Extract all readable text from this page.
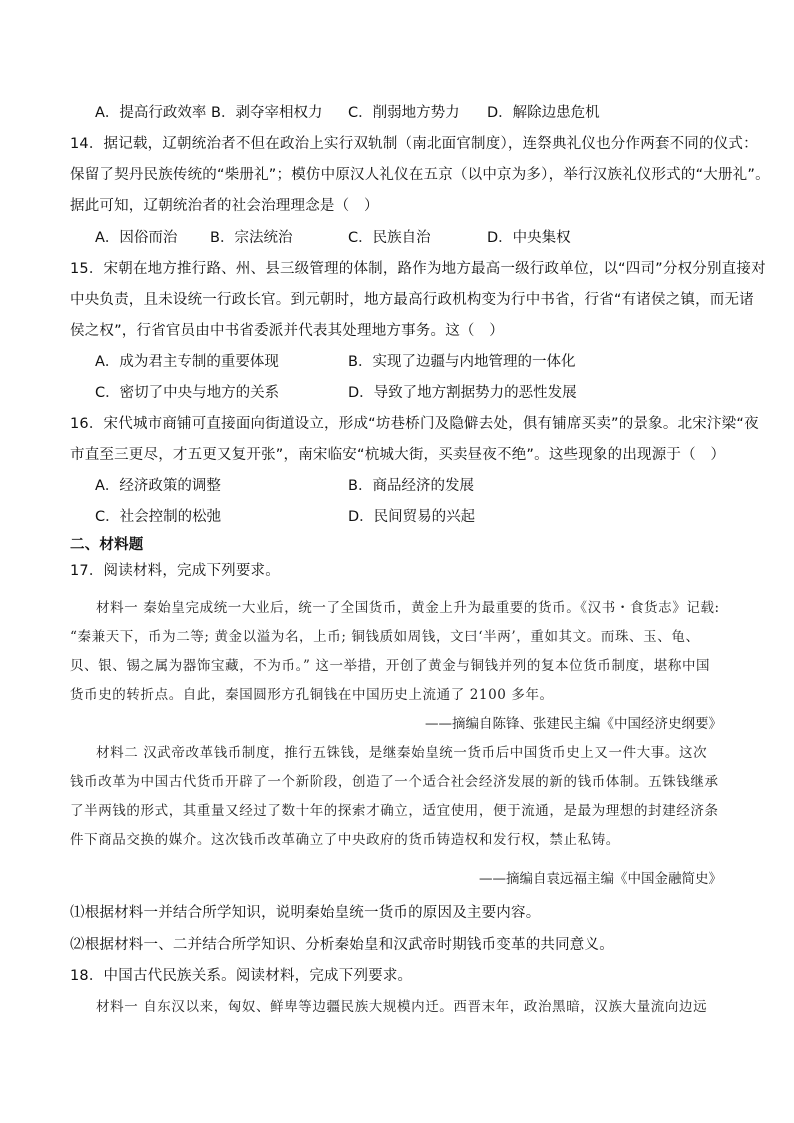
A．提高行政效率 B．剥夺宰相权力 C．削弱地方势力 D．解除边患危机
14．据记载，辽朝统治者不但在政治上实行双轨制（南北面官制度），连祭典礼仪也分作两套不同的仪式：
保留了契丹民族传统的“柴册礼”；模仿中原汉人礼仪在五京（以中京为多），举行汉族礼仪形式的“大册礼”。
据此可知，辽朝统治者的社会治理理念是（　）
A．因俗而治 B．宗法统治	C．民族自治	D．中央集权
15．宋朝在地方推行路、州、县三级管理的体制，路作为地方最高一级行政单位，以“四司”分权分别直接对
中央负责，且未设统一行政长官。到元朝时，地方最高行政机构变为行中书省，行省“有诸侯之镇，而无诸
侯之权”，行省官员由中书省委派并代表其处理地方事务。这（　）
A．成为君主专制的重要体现	B．实现了边疆与内地管理的一体化
C．密切了中央与地方的关系	D．导致了地方割据势力的恶性发展
16．宋代城市商铺可直接面向街道设立，形成“坊巷桥门及隐僻去处，俱有铺席买卖”的景象。北宋汴梁“夜
市直至三更尽，才五更又复开张”，南宋临安“杭城大街，买卖昼夜不绝”。这些现象的出现源于（　）
A．经济政策的调整	B．商品经济的发展
C．社会控制的松弛	D．民间贸易的兴起
二、材料题
17．阅读材料，完成下列要求。
材料一 秦始皇完成统一大业后，统一了全国货币，黄金上升为最重要的货币。《汉书・食货志》记载:
“秦兼天下，币为二等; 黄金以溢为名，上币; 铜钱质如周钱，文曰‘半两’，重如其文。而珠、玉、龟、
贝、银、锡之属为器饰宝藏，不为币。” 这一举措，开创了黄金与铜钱并列的复本位货币制度，堪称中国
货币史的转折点。自此，秦国圆形方孔铜钱在中国历史上流通了 2100 多年。
——摘编自陈锋、张建民主编《中国经济史纲要》
材料二 汉武帝改革钱币制度，推行五铢钱，是继秦始皇统一货币后中国货币史上又一件大事。这次
钱币改革为中国古代货币开辟了一个新阶段，创造了一个适合社会经济发展的新的钱币体制。五铢钱继承
了半两钱的形式，其重量又经过了数十年的探索才确立，适宜使用，便于流通，是最为理想的封建经济条
件下商品交换的媒介。这次钱币改革确立了中央政府的货币铸造权和发行权，禁止私铸。
——摘编自袁远福主编《中国金融简史》
⑴根据材料一并结合所学知识，说明秦始皇统一货币的原因及主要内容。
⑵根据材料一、二并结合所学知识、分析秦始皇和汉武帝时期钱币变革的共同意义。
18．中国古代民族关系。阅读材料，完成下列要求。
材料一 自东汉以来，匈奴、鲜卑等边疆民族大规模内迁。西晋末年，政治黑暗，汉族大量流向边远
